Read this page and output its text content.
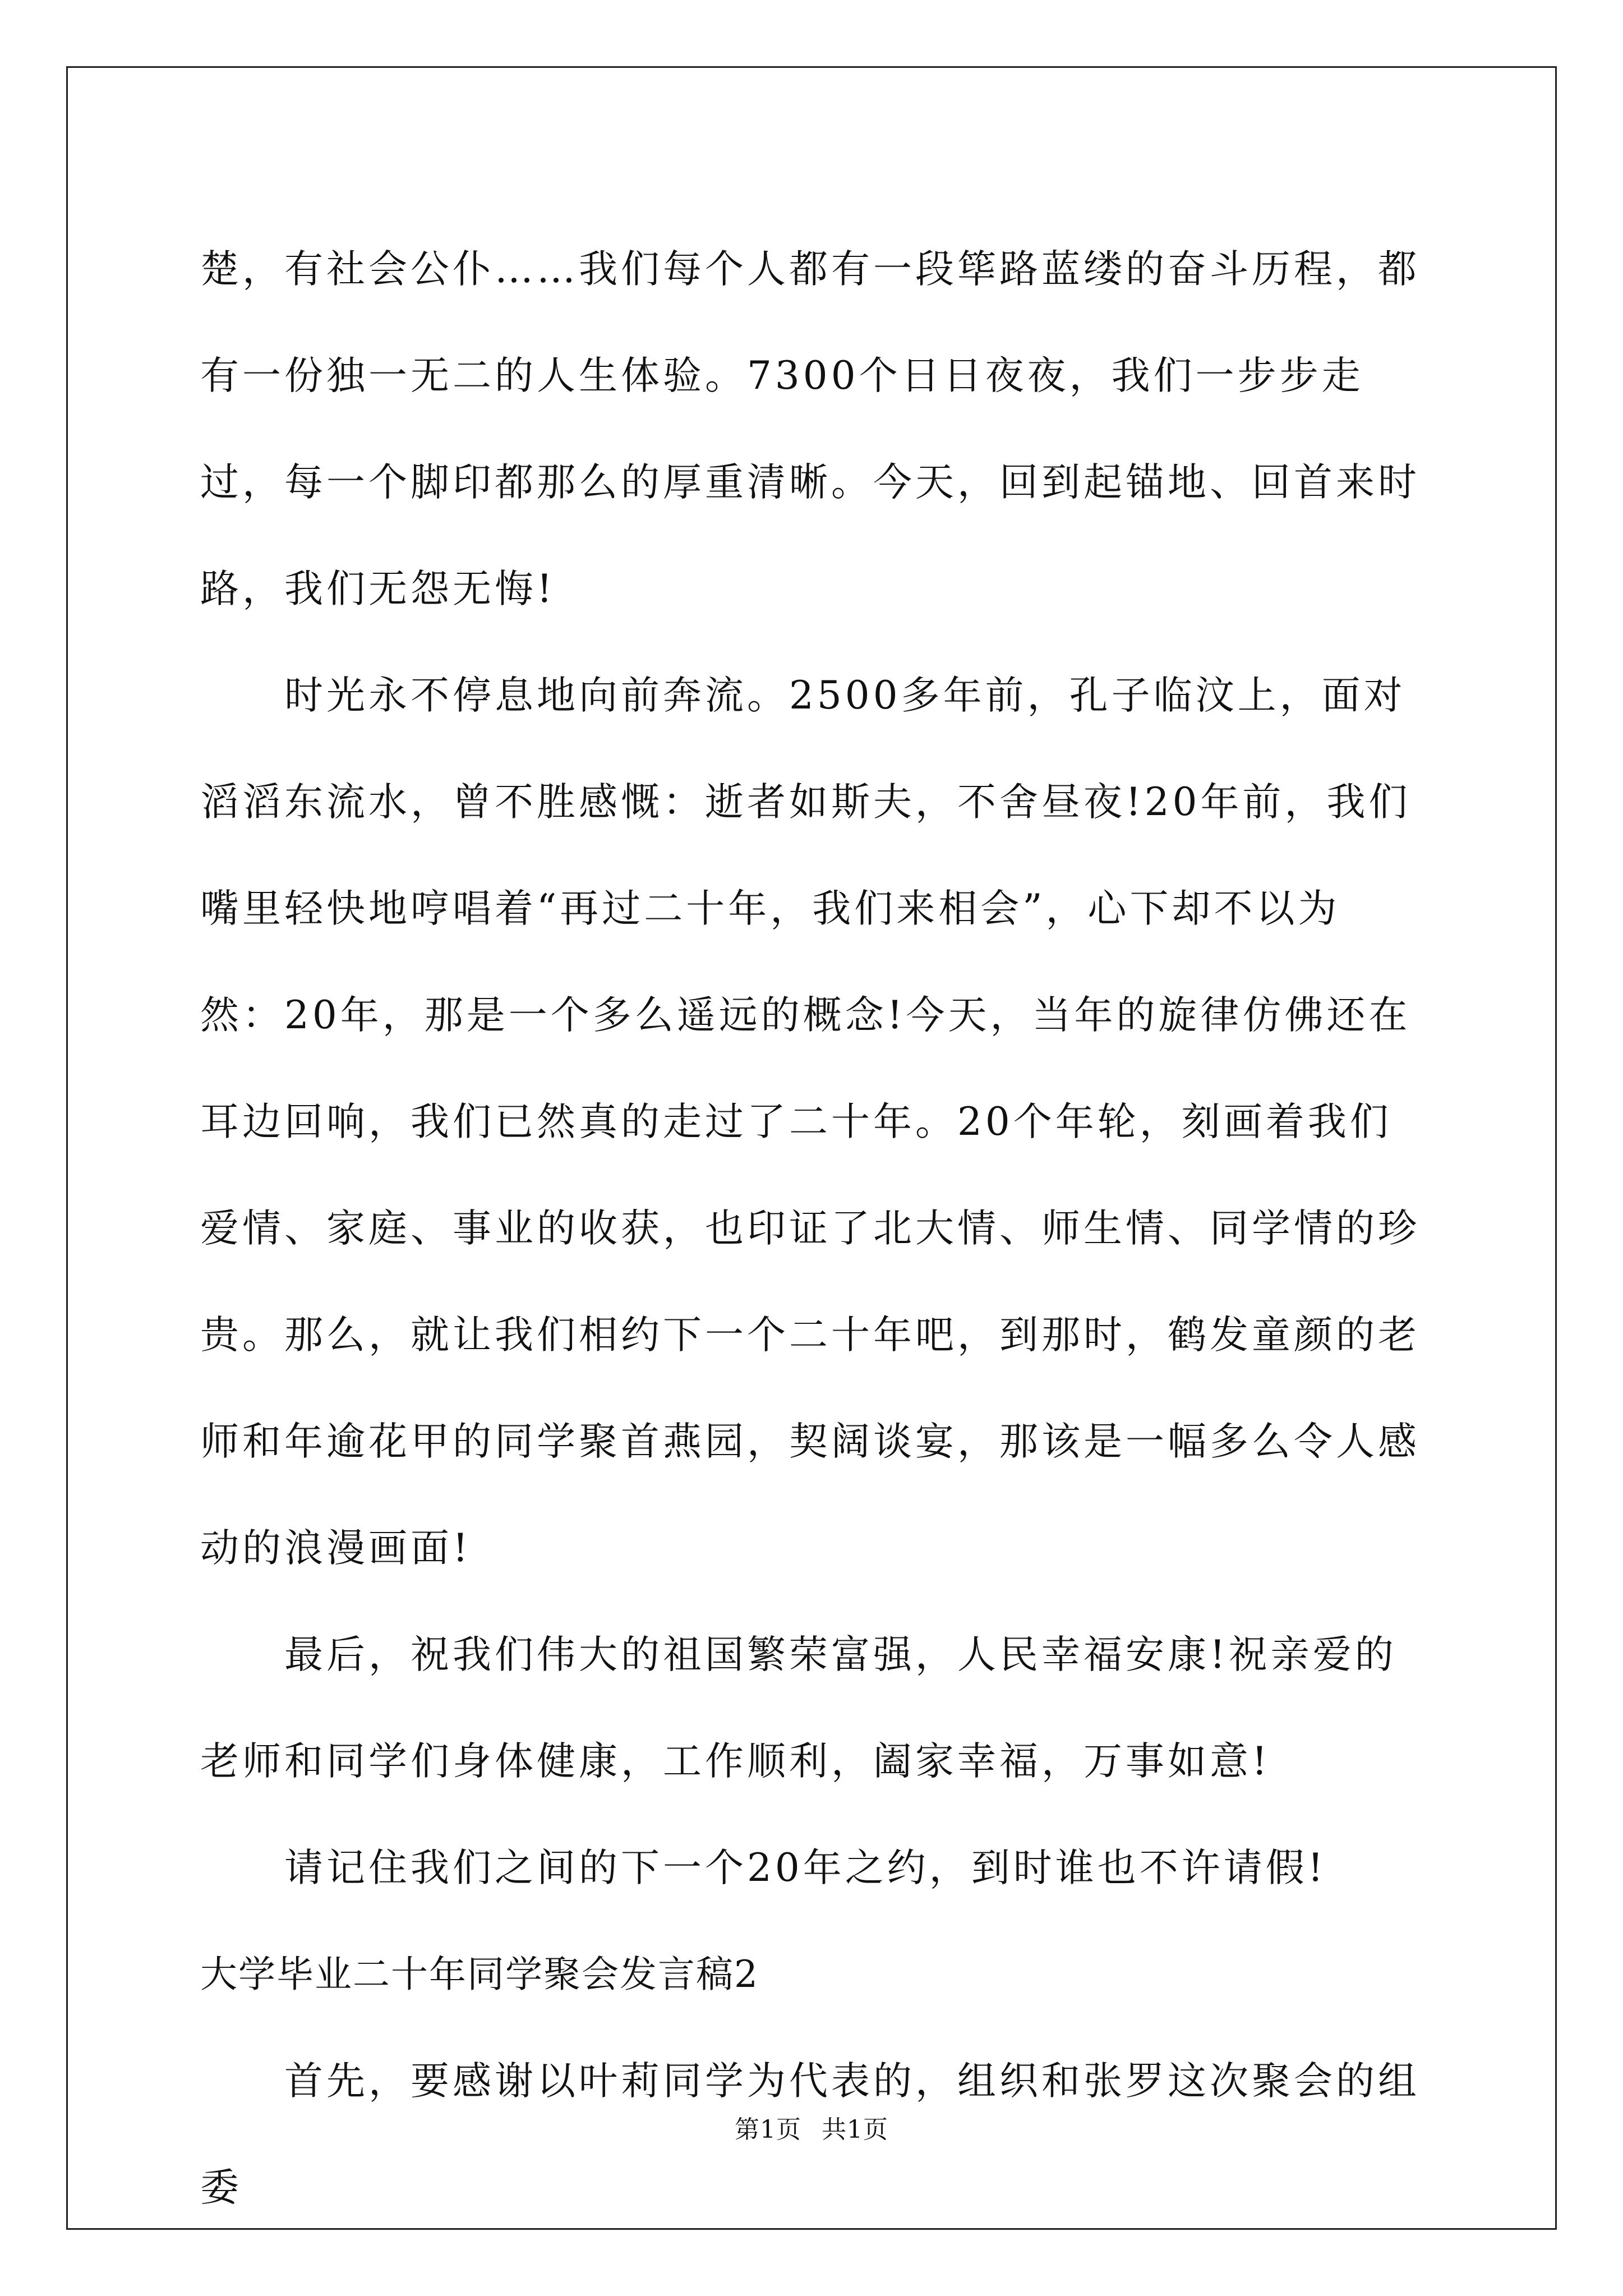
楚，有社会公仆……我们每个人都有一段筚路蓝缕的奋斗历程，都有一份独一无二的人生体验。7300个日日夜夜，我们一步步走过，每一个脚印都那么的厚重清晰。今天，回到起锚地、回首来时路，我们无怨无悔!

时光永不停息地向前奔流。2500多年前，孔子临汶上，面对滔滔东流水，曾不胜感慨：逝者如斯夫，不舍昼夜!20年前，我们嘴里轻快地哼唱着“再过二十年，我们来相会”，心下却不以为然：20年，那是一个多么遥远的概念!今天，当年的旋律仿佛还在耳边回响，我们已然真的走过了二十年。20个年轮，刻画着我们爱情、家庭、事业的收获，也印证了北大情、师生情、同学情的珍贵。那么，就让我们相约下一个二十年吧，到那时，鹤发童颜的老师和年逾花甲的同学聚首燕园，契阔谈宴，那该是一幅多么令人感动的浪漫画面!

最后，祝我们伟大的祖国繁荣富强，人民幸福安康!祝亲爱的老师和同学们身体健康，工作顺利，阖家幸福，万事如意!

请记住我们之间的下一个20年之约，到时谁也不许请假!

大学毕业二十年同学聚会发言稿2

首先，要感谢以叶莉同学为代表的，组织和张罗这次聚会的组委

第1页 共1页
